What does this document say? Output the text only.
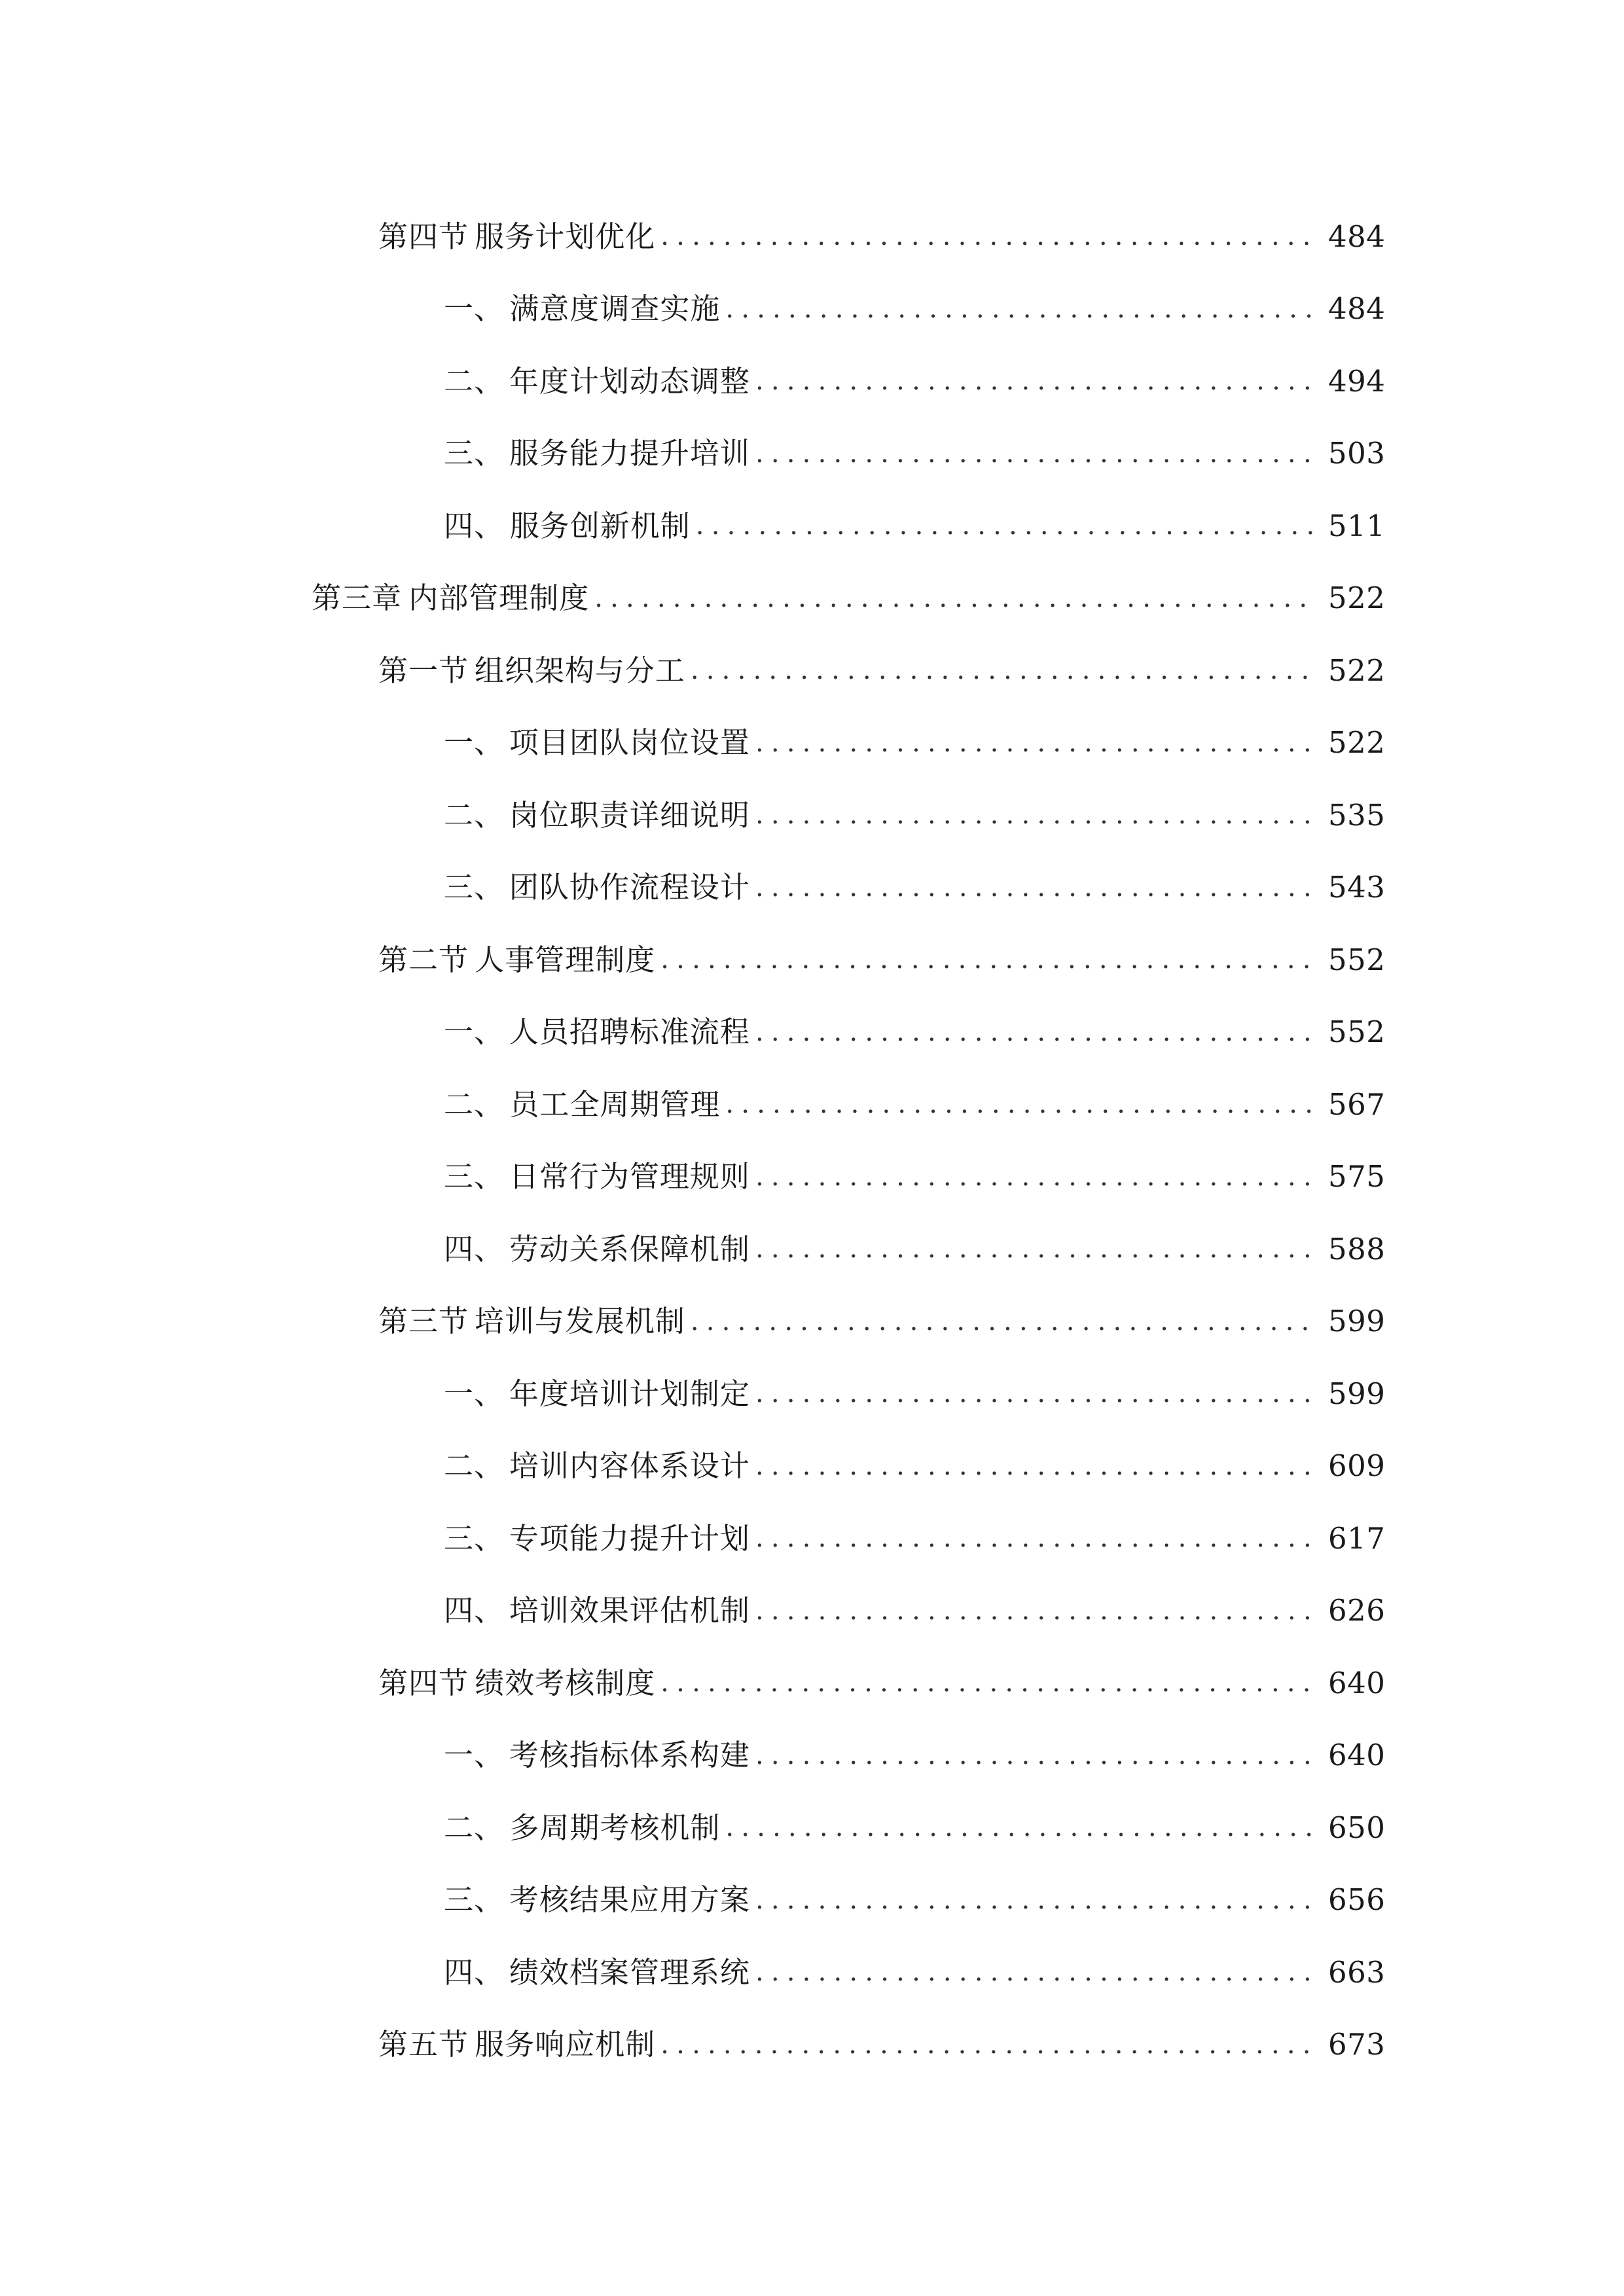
第四节 服务计划优化 .....	484
一、 满意度调查实施 .....	484
二、 年度计划动态调整 .....	494
三、 服务能力提升培训 .....	503
四、 服务创新机制 .....	511
第三章 内部管理制度 .....	522
第一节 组织架构与分工 .....	522
一、 项目团队岗位设置 .....	522
二、 岗位职责详细说明 .....	535
三、 团队协作流程设计 .....	543
第二节 人事管理制度 .....	552
一、 人员招聘标准流程 .....	552
二、 员工全周期管理 .....	567
三、 日常行为管理规则 .....	575
四、 劳动关系保障机制 .....	588
第三节 培训与发展机制 .....	599
一、 年度培训计划制定 .....	599
二、 培训内容体系设计 .....	609
三、 专项能力提升计划 .....	617
四、 培训效果评估机制 .....	626
第四节 绩效考核制度 .....	640
一、 考核指标体系构建 .....	640
二、 多周期考核机制 .....	650
三、 考核结果应用方案 .....	656
四、 绩效档案管理系统 .....	663
第五节 服务响应机制 .....	673
